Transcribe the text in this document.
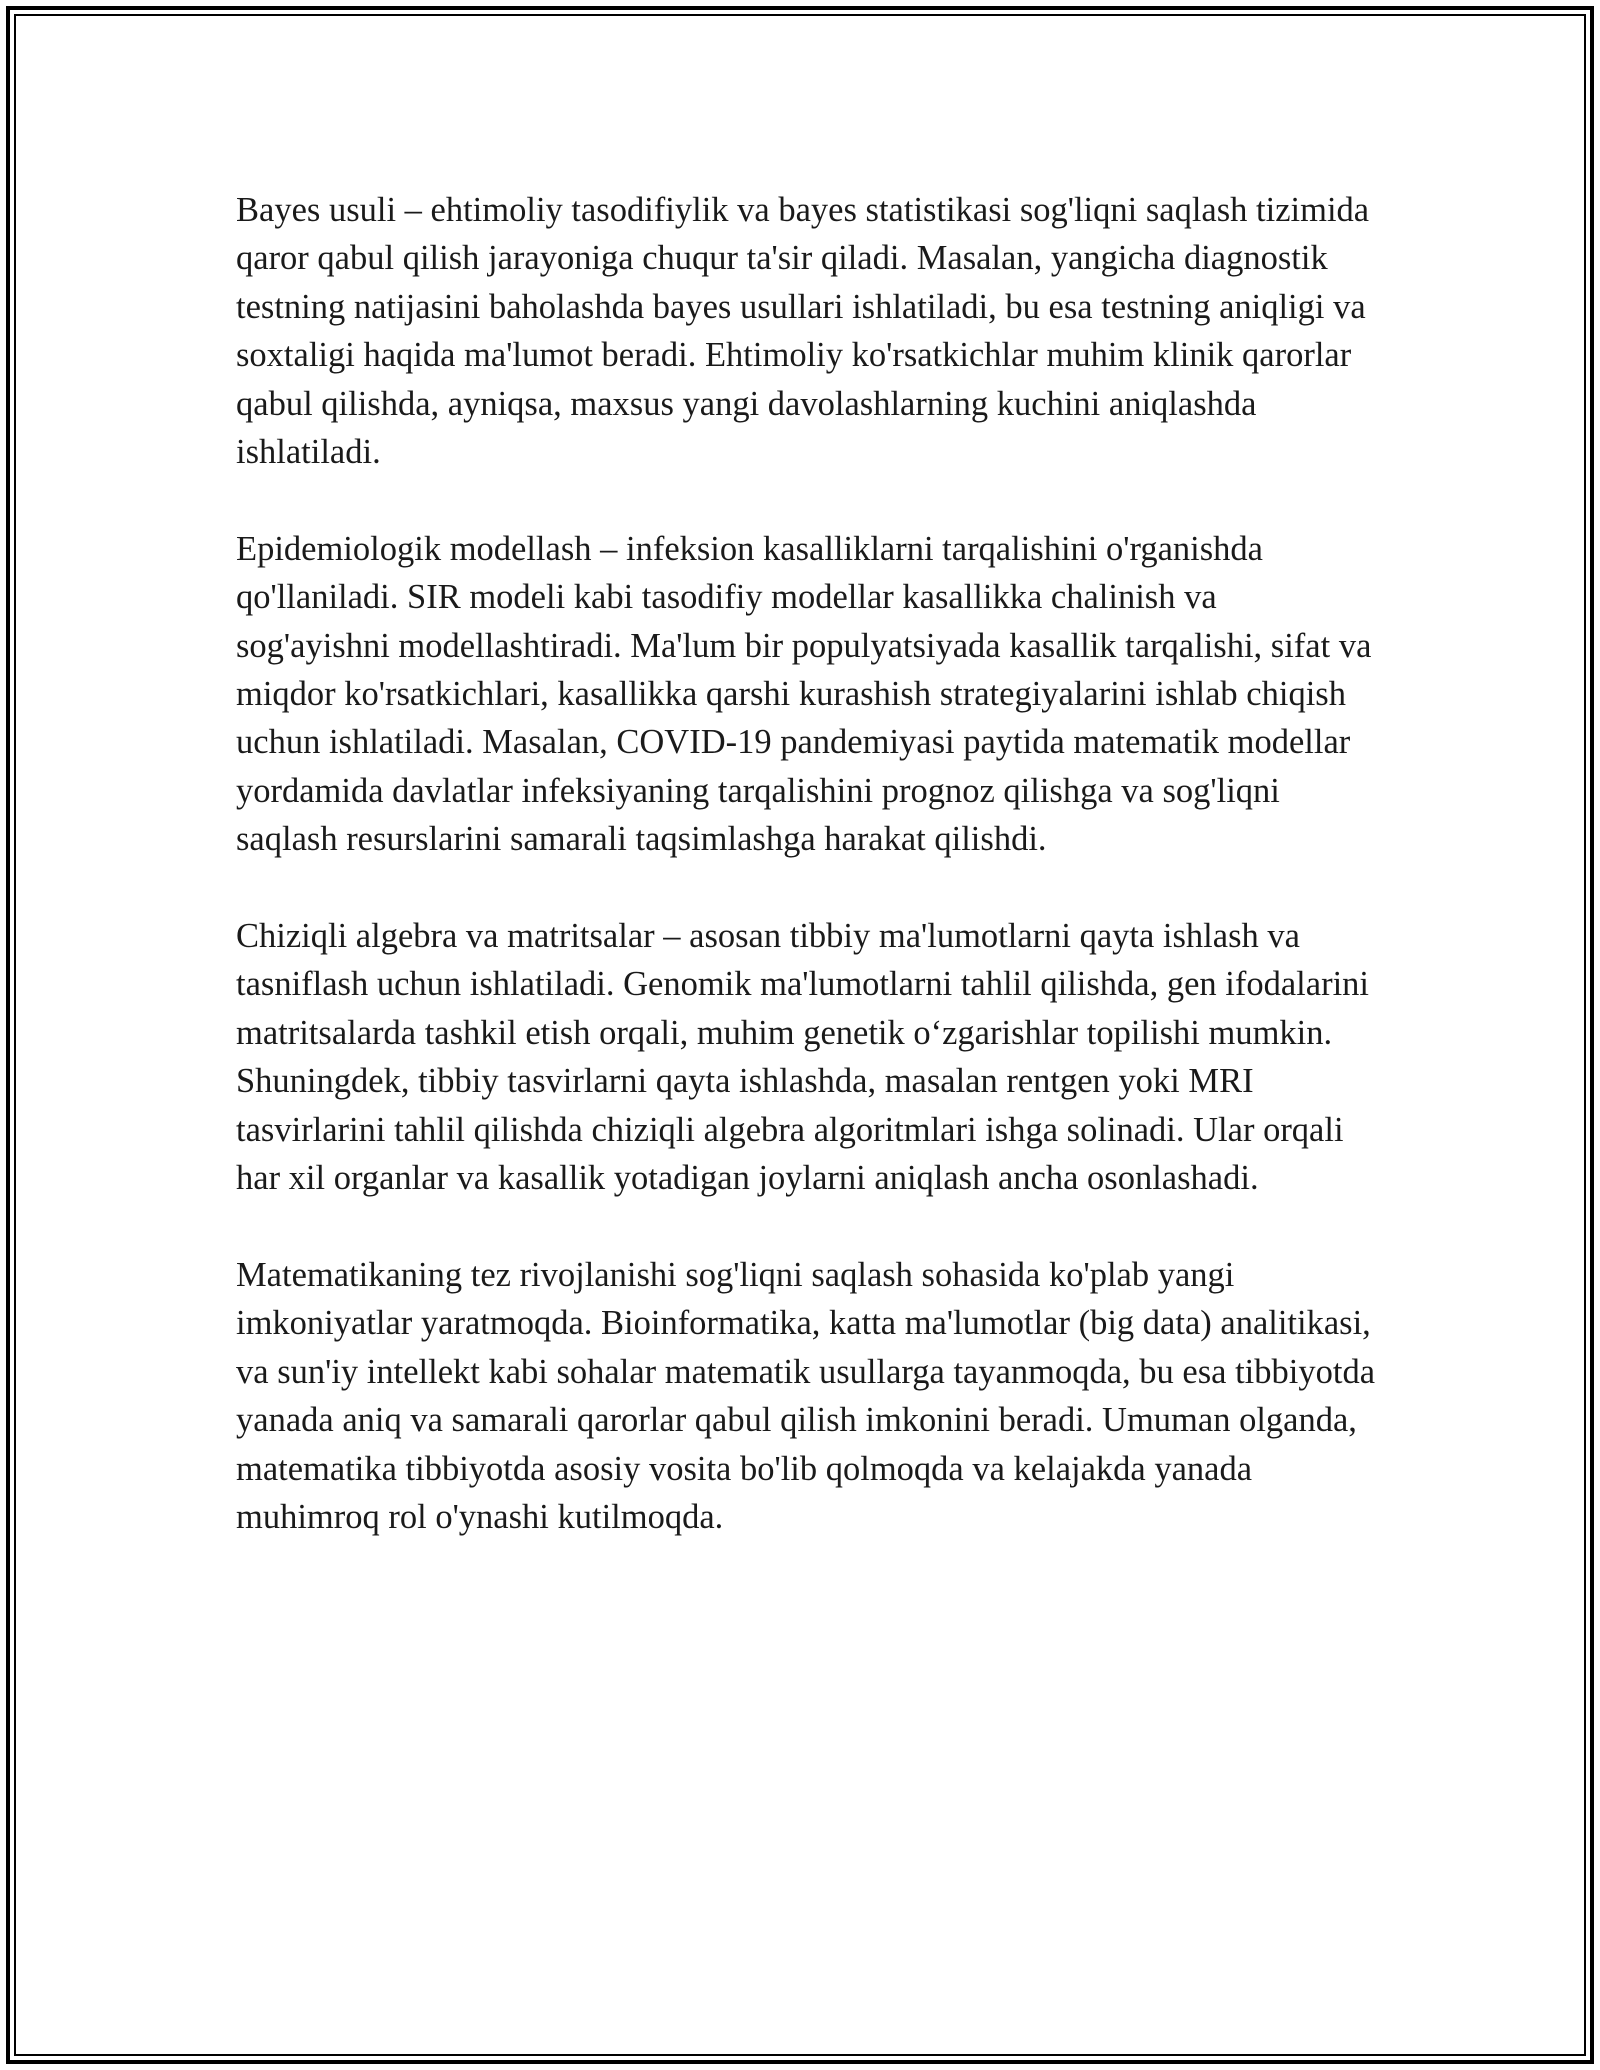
Bayes usuli – ehtimoliy tasodifiylik va bayes statistikasi sog'liqni saqlash tizimida qaror qabul qilish jarayoniga chuqur ta'sir qiladi. Masalan, yangicha diagnostik testning natijasini baholashda bayes usullari ishlatiladi, bu esa testning aniqligi va soxtaligi haqida ma'lumot beradi. Ehtimoliy ko'rsatkichlar muhim klinik qarorlar qabul qilishda, ayniqsa, maxsus yangi davolashlarning kuchini aniqlashda ishlatiladi.

Epidemiologik modellash – infeksion kasalliklarni tarqalishini o'rganishda qo'llaniladi. SIR modeli kabi tasodifiy modellar kasallikka chalinish va sog'ayishni modellashtiradi. Ma'lum bir populyatsiyada kasallik tarqalishi, sifat va miqdor ko'rsatkichlari, kasallikka qarshi kurashish strategiyalarini ishlab chiqish uchun ishlatiladi. Masalan, COVID-19 pandemiyasi paytida matematik modellar yordamida davlatlar infeksiyaning tarqalishini prognoz qilishga va sog'liqni saqlash resurslarini samarali taqsimlashga harakat qilishdi.

Chiziqli algebra va matritsalar – asosan tibbiy ma'lumotlarni qayta ishlash va tasniflash uchun ishlatiladi. Genomik ma'lumotlarni tahlil qilishda, gen ifodalarini matritsalarda tashkil etish orqali, muhim genetik oʻzgarishlar topilishi mumkin. Shuningdek, tibbiy tasvirlarni qayta ishlashda, masalan rentgen yoki MRI tasvirlarini tahlil qilishda chiziqli algebra algoritmlari ishga solinadi. Ular orqali har xil organlar va kasallik yotadigan joylarni aniqlash ancha osonlashadi.

Matematikaning tez rivojlanishi sog'liqni saqlash sohasida ko'plab yangi imkoniyatlar yaratmoqda. Bioinformatika, katta ma'lumotlar (big data) analitikasi, va sun'iy intellekt kabi sohalar matematik usullarga tayanmoqda, bu esa tibbiyotda yanada aniq va samarali qarorlar qabul qilish imkonini beradi. Umuman olganda, matematika tibbiyotda asosiy vosita bo'lib qolmoqda va kelajakda yanada muhimroq rol o'ynashi kutilmoqda.
